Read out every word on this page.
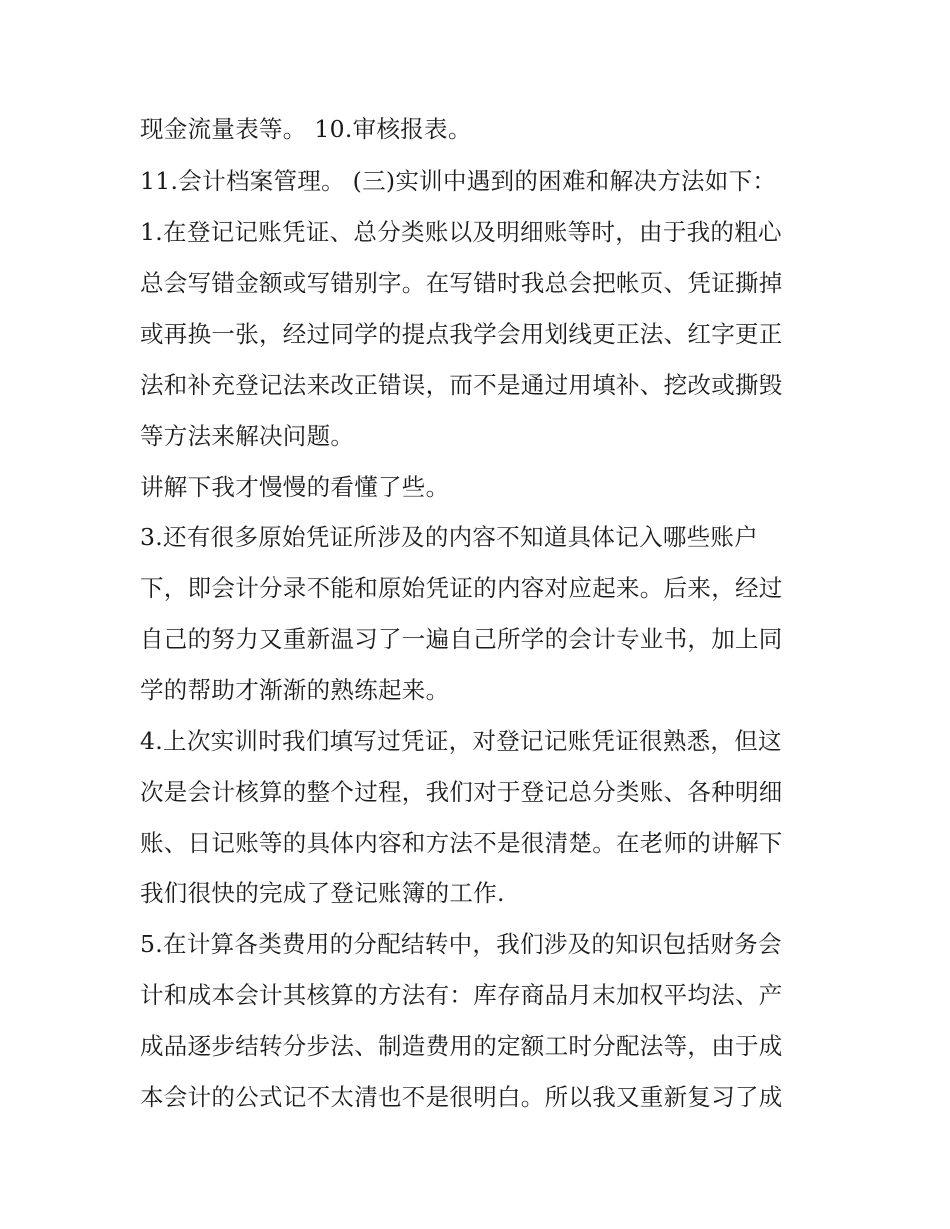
现金流量表等。 10.审核报表。
11.会计档案管理。 (三)实训中遇到的困难和解决方法如下：
1.在登记记账凭证、总分类账以及明细账等时，由于我的粗心
总会写错金额或写错别字。在写错时我总会把帐页、凭证撕掉
或再换一张，经过同学的提点我学会用划线更正法、红字更正
法和补充登记法来改正错误，而不是通过用填补、挖改或撕毁
等方法来解决问题。
讲解下我才慢慢的看懂了些。
3.还有很多原始凭证所涉及的内容不知道具体记入哪些账户
下，即会计分录不能和原始凭证的内容对应起来。后来，经过
自己的努力又重新温习了一遍自己所学的会计专业书，加上同
学的帮助才渐渐的熟练起来。
4.上次实训时我们填写过凭证，对登记记账凭证很熟悉，但这
次是会计核算的整个过程，我们对于登记总分类账、各种明细
账、日记账等的具体内容和方法不是很清楚。在老师的讲解下
我们很快的完成了登记账簿的工作.
5.在计算各类费用的分配结转中，我们涉及的知识包括财务会
计和成本会计其核算的方法有：库存商品月末加权平均法、产
成品逐步结转分步法、制造费用的定额工时分配法等，由于成
本会计的公式记不太清也不是很明白。所以我又重新复习了成
